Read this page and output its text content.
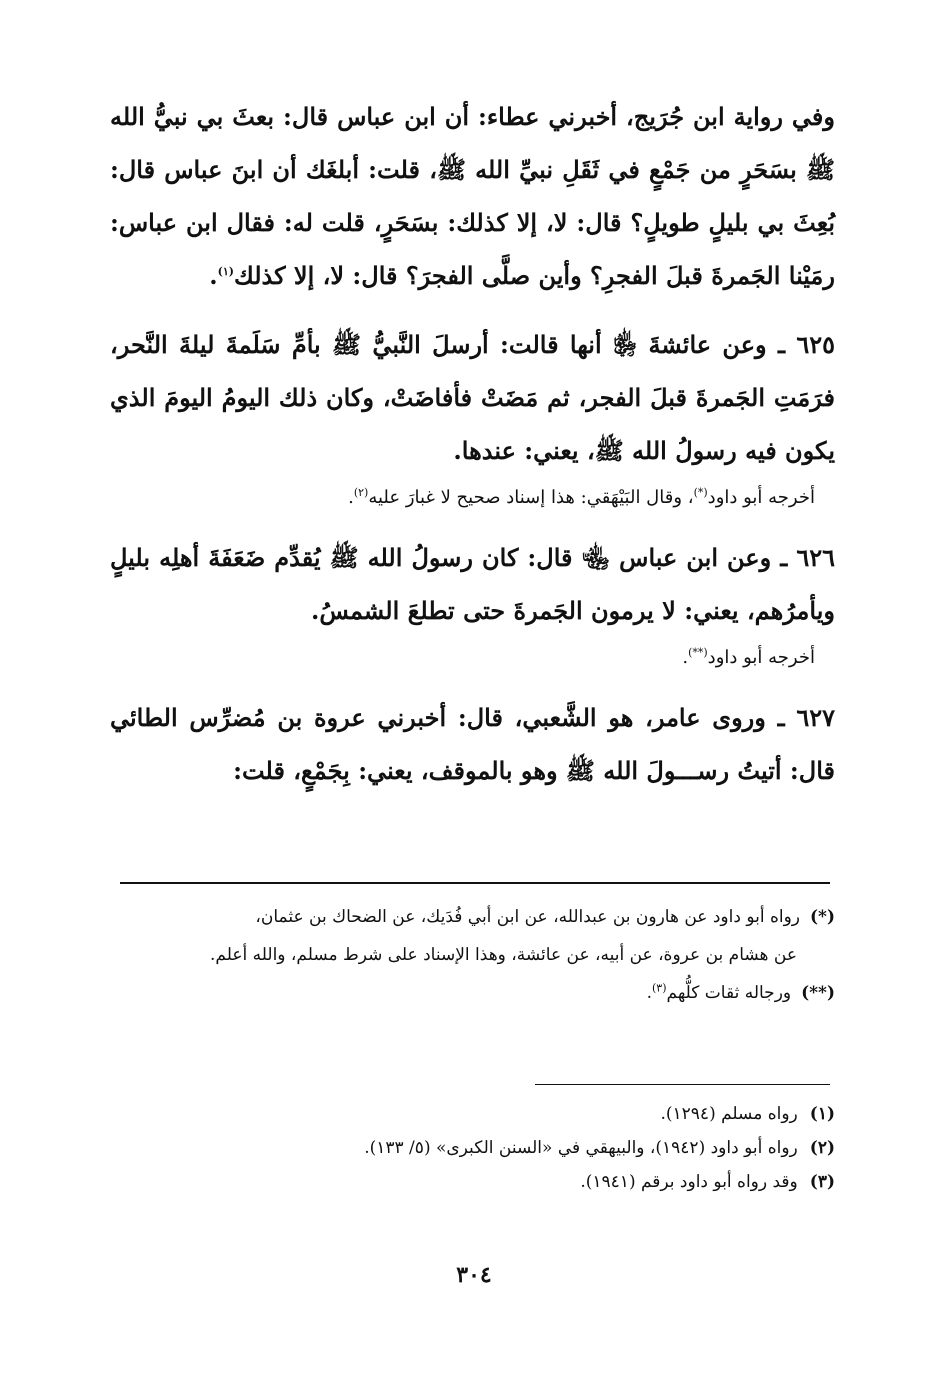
وفي رواية ابن جُرَيج، أخبرني عطاء: أن ابن عباس قال: بعثَ بي نبيُّ الله ﷺ بسَحَرٍ من جَمْعٍ في ثَقَلِ نبيِّ الله ﷺ، قلت: أبلغَك أن ابنَ عباس قال: بُعِثَ بي بليلٍ طويلٍ؟ قال: لا، إلا كذلك: بسَحَرٍ، قلت له: فقال ابن عباس: رمَيْنا الجَمرةَ قبلَ الفجرِ؟ وأين صلَّى الفجرَ؟ قال: لا، إلا كذلك$^{(١)}$.

٦٢٥ ـ وعن عائشةَ ﵂ أنها قالت: أرسلَ النَّبيُّ ﷺ بأمِّ سَلَمةَ ليلةَ النَّحر، فرَمَتِ الجَمرةَ قبلَ الفجر، ثم مَضَتْ فأفاضَتْ، وكان ذلك اليومُ اليومَ الذي يكون فيه رسولُ الله ﷺ، يعني: عندها.

أخرجه أبو داود(*)، وقال البَيْهَقي: هذا إسناد صحيح لا غبارَ عليه$^{(٢)}$.

٦٢٦ ـ وعن ابن عباس ﵄ قال: كان رسولُ الله ﷺ يُقدِّم ضَعَفَةَ أهلِه بليلٍ ويأمرُهم، يعني: لا يرمون الجَمرةَ حتى تطلعَ الشمسُ.

أخرجه أبو داود(**).

٦٢٧ ـ وروى عامر، هو الشَّعبي، قال: أخبرني عروة بن مُضرِّس الطائي قال: أتيتُ رســـولَ الله ﷺ وهو بالموقف، يعني: بِجَمْعٍ، قلت:

(*)رواه أبو داود عن هارون بن عبدالله، عن ابن أبي فُدَيك، عن الضحاك بن عثمان،
عن هشام بن عروة، عن أبيه، عن عائشة، وهذا الإسناد على شرط مسلم، والله أعلم.
(**)ورجاله ثقات كلُّهم$^{(٣)}$.
(١)رواه مسلم (١٢٩٤).
(٢)رواه أبو داود (١٩٤٢)، والبيهقي في «السنن الكبرى» (٥/ ١٣٣).
(٣)وقد رواه أبو داود برقم (١٩٤١).
٣٠٤
